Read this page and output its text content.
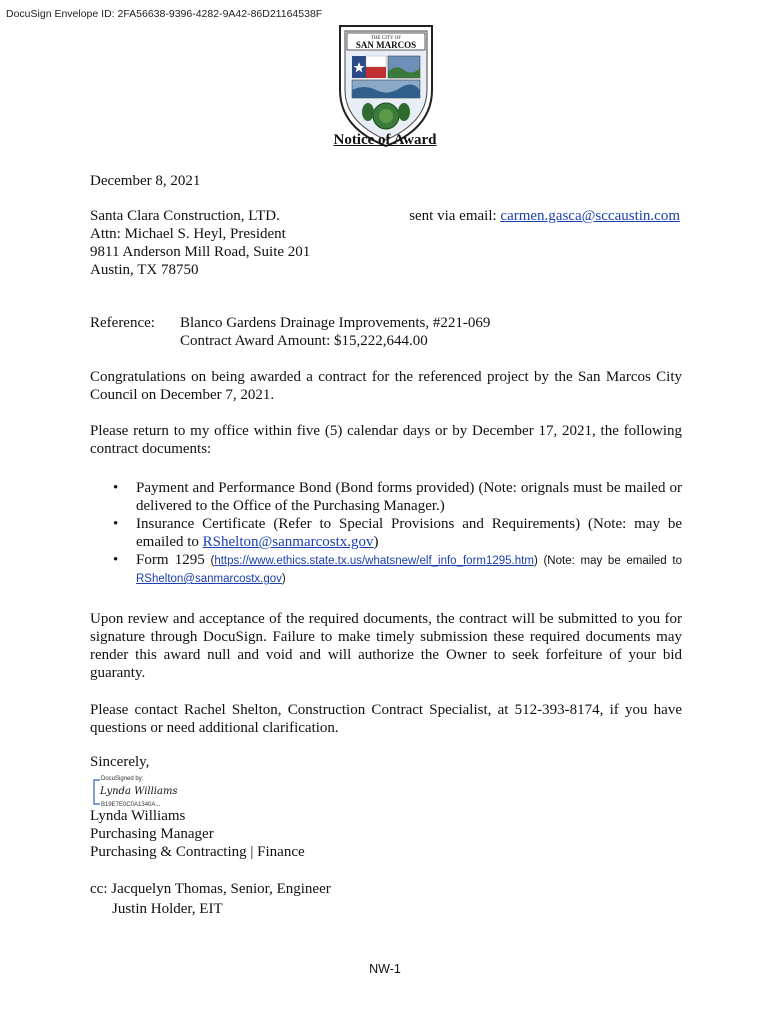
DocuSign Envelope ID: 2FA56638-9396-4282-9A42-86D21164538F
THE CITY OF
SAN MARCOS
Notice of Award
December 8, 2021
Santa Clara Construction, LTD.
Attn: Michael S. Heyl, President
9811 Anderson Mill Road, Suite 201
Austin, TX 78750
sent via email: carmen.gasca@sccaustin.com
Reference: Blanco Gardens Drainage Improvements, #221-069
Contract Award Amount: $15,222,644.00
Congratulations on being awarded a contract for the referenced project by the San Marcos City Council on December 7, 2021.
Please return to my office within five (5) calendar days or by December 17, 2021, the following contract documents:
• Payment and Performance Bond (Bond forms provided) (Note: orignals must be mailed or delivered to the Office of the Purchasing Manager.)
• Insurance Certificate (Refer to Special Provisions and Requirements) (Note: may be emailed to RShelton@sanmarcostx.gov)
• Form 1295 (https://www.ethics.state.tx.us/whatsnew/elf_info_form1295.htm) (Note: may be emailed to RShelton@sanmarcostx.gov)
Upon review and acceptance of the required documents, the contract will be submitted to you for signature through DocuSign. Failure to make timely submission these required documents may render this award null and void and will authorize the Owner to seek forfeiture of your bid guaranty.
Please contact Rachel Shelton, Construction Contract Specialist, at 512-393-8174, if you have questions or need additional clarification.
Sincerely,
DocuSigned by:
Lynda Williams
B19E7E0C0A1340A...
Lynda Williams
Purchasing Manager
Purchasing & Contracting | Finance
cc: Jacquelyn Thomas, Senior, Engineer
Justin Holder, EIT
NW-1
